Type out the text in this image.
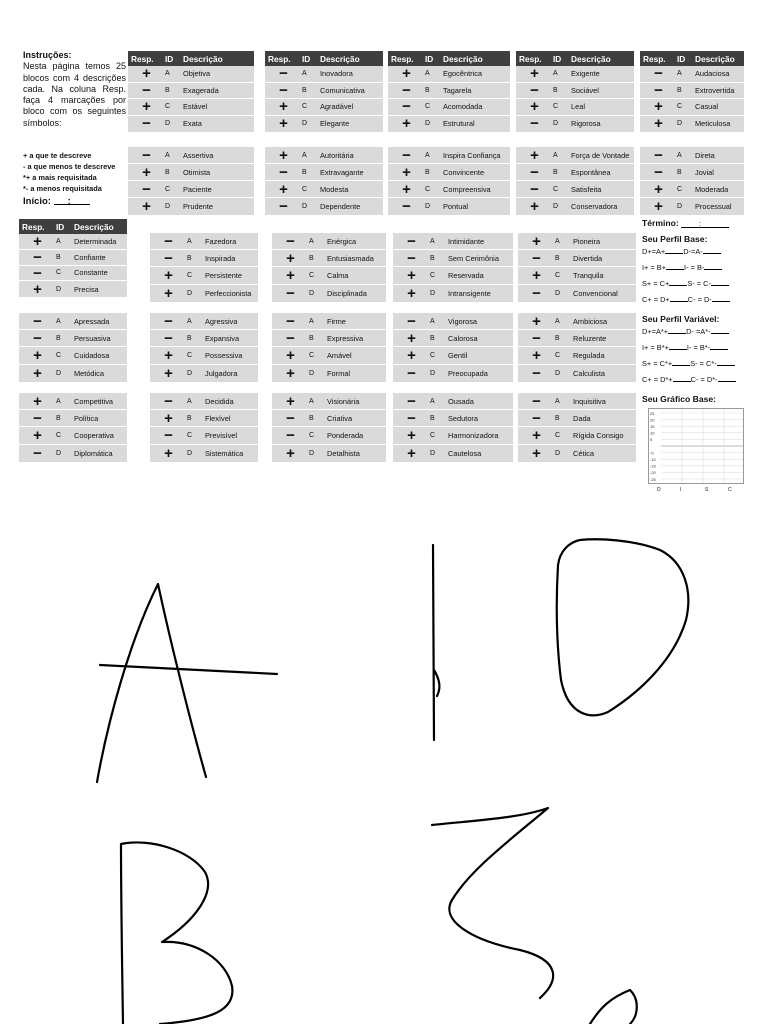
Instruções:

Nesta página temos 25 blocos com 4 descrições cada. Na coluna Resp. faça 4 marcações por bloco com os seguintes símbolos:

+ a que te descreve
- a que menos te descreve
*+ a mais requisitada
*- a menos requisitada
Início: :
Resp.	ID	Descrição
+	A	Objetiva
−	B	Exagerada
+	C	Estável
−	D	Exata
Resp.	ID	Descrição
−	A	Inovadora
−	B	Comunicativa
+	C	Agradável
+	D	Elegante
Resp.	ID	Descrição
+	A	Egocêntrica
−	B	Tagarela
−	C	Acomodada
+	D	Estrutural
Resp.	ID	Descrição
+	A	Exigente
−	B	Sociável
+	C	Leal
−	D	Rigorosa
Resp.	ID	Descrição
−	A	Audaciosa
−	B	Extrovertida
+	C	Casual
+	D	Meticulosa
−	A	Assertiva
+	B	Otimista
−	C	Paciente
+	D	Prudente
+	A	Autoritária
−	B	Extravagante
+	C	Modesta
−	D	Dependente
−	A	Inspira Confiança
+	B	Convincente
+	C	Compreensiva
−	D	Pontual
+	A	Força de Vontade
−	B	Espontânea
−	C	Satisfeita
+	D	Conservadora
−	A	Direta
−	B	Jovial
+	C	Moderada
+	D	Processual
Resp.	ID	Descrição
+	A	Determinada
−	B	Confiante
−	C	Constante
+	D	Precisa
−	A	Fazedora
−	B	Inspirada
+	C	Persistente
+	D	Perfeccionista
−	A	Enérgica
+	B	Entusiasmada
+	C	Calma
−	D	Disciplinada
−	A	Intimidante
−	B	Sem Cerimônia
+	C	Reservada
+	D	Intransigente
+	A	Pioneira
−	B	Divertida
+	C	Tranquila
−	D	Convencional
−	A	Apressada
−	B	Persuasiva
+	C	Cuidadosa
+	D	Metódica
−	A	Agressiva
−	B	Expansiva
+	C	Possessiva
+	D	Julgadora
−	A	Firme
−	B	Expressiva
+	C	Amável
+	D	Formal
−	A	Vigorosa
+	B	Calorosa
+	C	Gentil
−	D	Preocupada
+	A	Ambiciosa
−	B	Reluzente
+	C	Regulada
−	D	Calculista
+	A	Competitiva
−	B	Política
+	C	Cooperativa
−	D	Diplomática
−	A	Decidida
+	B	Flexível
−	C	Previsível
+	D	Sistemática
+	A	Visionária
−	B	Criativa
−	C	Ponderada
+	D	Detalhista
−	A	Ousada
−	B	Sedutora
+	C	Harmonizadora
+	D	Cautelosa
−	A	Inquisitiva
−	B	Dada
+	C	Rígida Consigo
+	D	Cética
Término:	:
Seu Perfil Base:
D+=A+ D-=A-
I+ = B+ I- = B-
S+ = C+ S- = C-
C+ = D+ C- = D-
Seu Perfil Variável:
D+=A*+ D- =A*-
I+ = B*+ I- = B*-
S+ = C*+ S- = C*-
C+ = D*+ C- = D*-
Seu Gráfico Base:
25
20
15
10
5
-5
-10
-15
-20
-25
D	I	S	C
